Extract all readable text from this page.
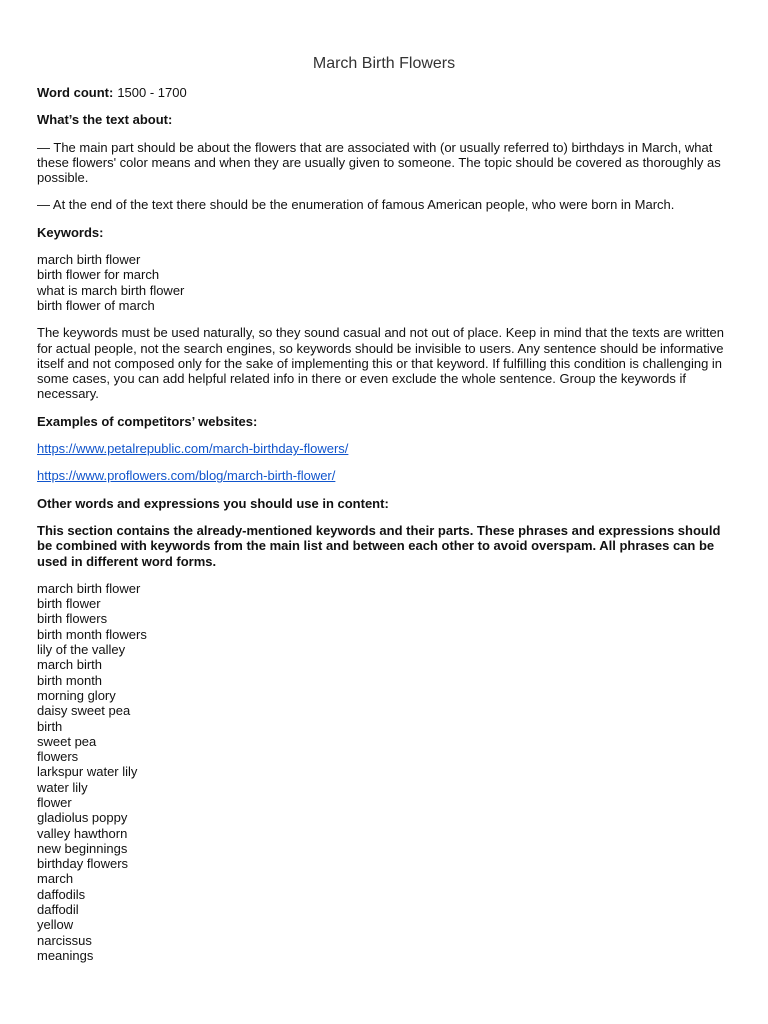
March Birth Flowers
Word count: 1500 - 1700
What’s the text about:
— The main part should be about the flowers that are associated with (or usually referred to) birthdays in March, what these flowers' color means and when they are usually given to someone. The topic should be covered as thoroughly as possible.
— At the end of the text there should be the enumeration of famous American people, who were born in March.
Keywords:
march birth flower
birth flower for march
what is march birth flower
birth flower of march
The keywords must be used naturally, so they sound casual and not out of place. Keep in mind that the texts are written for actual people, not the search engines, so keywords should be invisible to users. Any sentence should be informative itself and not composed only for the sake of implementing this or that keyword. If fulfilling this condition is challenging in some cases, you can add helpful related info in there or even exclude the whole sentence. Group the keywords if necessary.
Examples of competitors’ websites:
https://www.petalrepublic.com/march-birthday-flowers/
https://www.proflowers.com/blog/march-birth-flower/
Other words and expressions you should use in content:
This section contains the already-mentioned keywords and their parts. These phrases and expressions should be combined with keywords from the main list and between each other to avoid overspam. All phrases can be used in different word forms.
march birth flower
birth flower
birth flowers
birth month flowers
lily of the valley
march birth
birth month
morning glory
daisy sweet pea
birth
sweet pea
flowers
larkspur water lily
water lily
flower
gladiolus poppy
valley hawthorn
new beginnings
birthday flowers
march
daffodils
daffodil
yellow
narcissus
meanings
